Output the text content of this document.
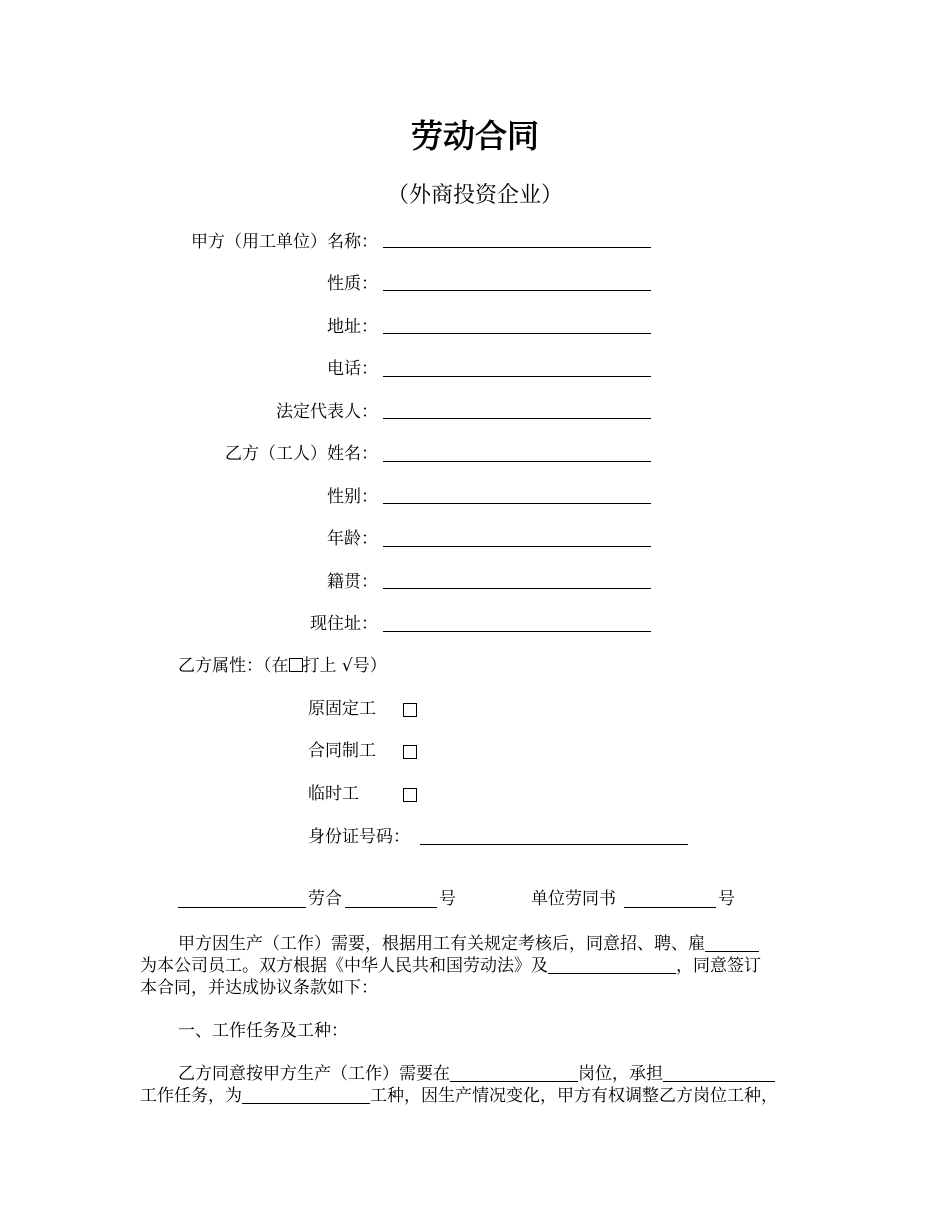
劳动合同
（外商投资企业）
甲方（用工单位）名称：
性质：
地址：
电话：
法定代表人：
乙方（工人）姓名：
性别：
年龄：
籍贯：
现住址：
乙方属性：（在 打上 √号）
原固定工
合同制工
临时工
身份证号码：
劳合	号	单位劳同书	号
甲方因生产（工作）需要，根据用工有关规定考核后，同意招、聘、雇
为本公司员工。双方根据《中华人民共和国劳动法》及	，同意签订
本合同，并达成协议条款如下：
一、工作任务及工种：
乙方同意按甲方生产（工作）需要在	岗位，承担
工作任务，为	工种，因生产情况变化，甲方有权调整乙方岗位工种，
